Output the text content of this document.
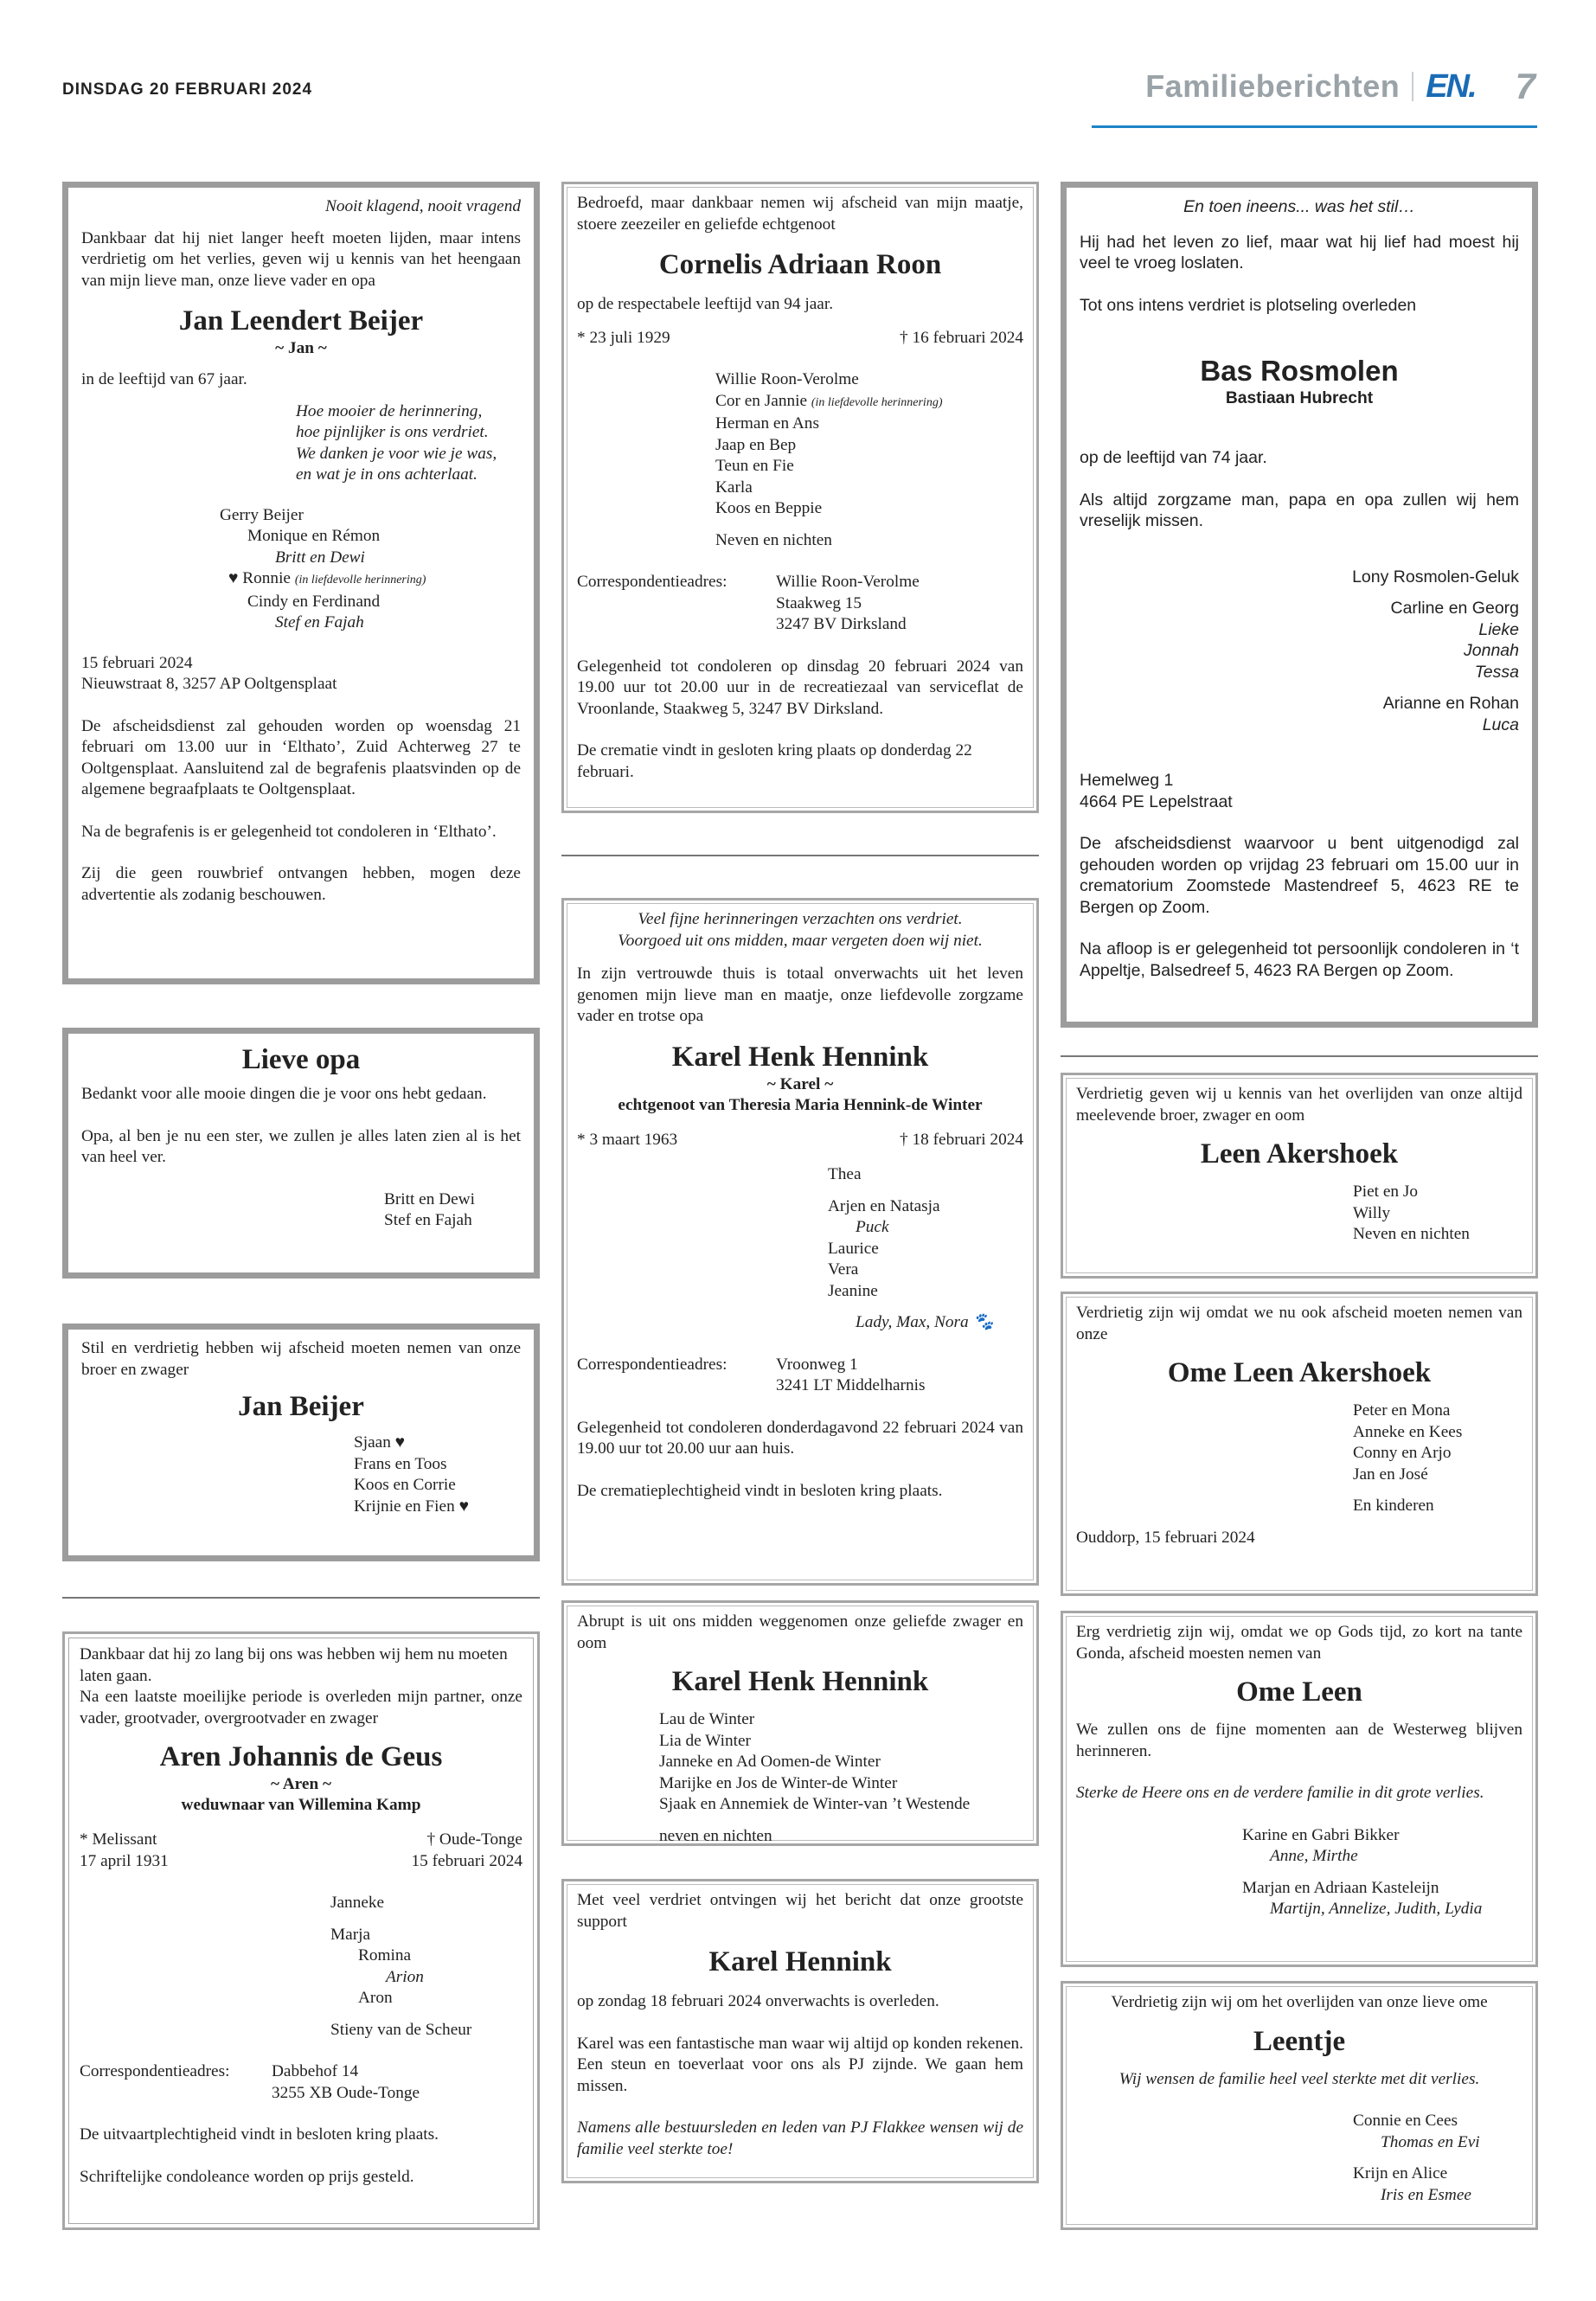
DINSDAG 20 FEBRUARI 2024	Familieberichten EN. 7
Nooit klagend, nooit vragend
Dankbaar dat hij niet langer heeft moeten lijden, maar intens verdrietig om het verlies, geven wij u kennis van het heengaan van mijn lieve man, onze lieve vader en opa
Jan Leendert Beijer
~ Jan ~
in de leeftijd van 67 jaar.
Hoe mooier de herinnering,
hoe pijnlijker is ons verdriet.
We danken je voor wie je was,
en wat je in ons achterlaat.
Gerry Beijer
Monique en Rémon
Britt en Dewi
♥ Ronnie (in liefdevolle herinnering)
Cindy en Ferdinand
Stef en Fajah
15 februari 2024
Nieuwstraat 8, 3257 AP Ooltgensplaat
De afscheidsdienst zal gehouden worden op woensdag 21 februari om 13.00 uur in ‘Elthato’, Zuid Achterweg 27 te Ooltgensplaat. Aansluitend zal de begrafenis plaatsvinden op de algemene begraafplaats te Ooltgensplaat.
Na de begrafenis is er gelegenheid tot condoleren in ‘Elthato’.
Zij die geen rouwbrief ontvangen hebben, mogen deze advertentie als zodanig beschouwen.
Lieve opa
Bedankt voor alle mooie dingen die je voor ons hebt gedaan.
Opa, al ben je nu een ster, we zullen je alles laten zien al is het van heel ver.
Britt en Dewi
Stef en Fajah
Stil en verdrietig hebben wij afscheid moeten nemen van onze broer en zwager
Jan Beijer
Sjaan ♥
Frans en Toos
Koos en Corrie
Krijnie en Fien ♥
Dankbaar dat hij zo lang bij ons was hebben wij hem nu moeten laten gaan.
Na een laatste moeilijke periode is overleden mijn partner, onze vader, grootvader, overgrootvader en zwager
Aren Johannis de Geus
~ Aren ~
weduwnaar van Willemina Kamp
* Melissant	† Oude-Tonge
17 april 1931	15 februari 2024
Janneke
Marja
Romina
Arion
Aron
Stieny van de Scheur
Correspondentieadres:	Dabbehof 14
3255 XB Oude-Tonge
De uitvaartplechtigheid vindt in besloten kring plaats.
Schriftelijke condoleance worden op prijs gesteld.
Bedroefd, maar dankbaar nemen wij afscheid van mijn maatje, stoere zeezeiler en geliefde echtgenoot
Cornelis Adriaan Roon
op de respectabele leeftijd van 94 jaar.
* 23 juli 1929	† 16 februari 2024
Willie Roon-Verolme
Cor en Jannie (in liefdevolle herinnering)
Herman en Ans
Jaap en Bep
Teun en Fie
Karla
Koos en Beppie
Neven en nichten
Correspondentieadres:	Willie Roon-Verolme
Staakweg 15
3247 BV Dirksland
Gelegenheid tot condoleren op dinsdag 20 februari 2024 van 19.00 uur tot 20.00 uur in de recreatiezaal van serviceflat de Vroonlande, Staakweg 5, 3247 BV Dirksland.
De crematie vindt in gesloten kring plaats op donderdag 22 februari.
Veel fijne herinneringen verzachten ons verdriet.
Voorgoed uit ons midden, maar vergeten doen wij niet.
In zijn vertrouwde thuis is totaal onverwachts uit het leven genomen mijn lieve man en maatje, onze liefdevolle zorgzame vader en trotse opa
Karel Henk Hennink
~ Karel ~
echtgenoot van Theresia Maria Hennink-de Winter
* 3 maart 1963	† 18 februari 2024
Thea
Arjen en Natasja
Puck
Laurice
Vera
Jeanine
Lady, Max, Nora 🐾
Correspondentieadres:	Vroonweg 1
3241 LT Middelharnis
Gelegenheid tot condoleren donderdagavond 22 februari 2024 van 19.00 uur tot 20.00 uur aan huis.
De crematieplechtigheid vindt in besloten kring plaats.
Abrupt is uit ons midden weggenomen onze geliefde zwager en oom
Karel Henk Hennink
Lau de Winter
Lia de Winter
Janneke en Ad Oomen-de Winter
Marijke en Jos de Winter-de Winter
Sjaak en Annemiek de Winter-van ’t Westende
neven en nichten
Met veel verdriet ontvingen wij het bericht dat onze grootste support
Karel Hennink
op zondag 18 februari 2024 onverwachts is overleden.
Karel was een fantastische man waar wij altijd op konden rekenen. Een steun en toeverlaat voor ons als PJ zijnde. We gaan hem missen.
Namens alle bestuursleden en leden van PJ Flakkee wensen wij de familie veel sterkte toe!
En toen ineens... was het stil…
Hij had het leven zo lief, maar wat hij lief had moest hij veel te vroeg loslaten.
Tot ons intens verdriet is plotseling overleden
Bas Rosmolen
Bastiaan Hubrecht
op de leeftijd van 74 jaar.
Als altijd zorgzame man, papa en opa zullen wij hem vreselijk missen.
Lony Rosmolen-Geluk
Carline en Georg
Lieke
Jonnah
Tessa
Arianne en Rohan
Luca
Hemelweg 1
4664 PE Lepelstraat
De afscheidsdienst waarvoor u bent uitgenodigd zal gehouden worden op vrijdag 23 februari om 15.00 uur in crematorium Zoomstede Mastendreef 5, 4623 RE te Bergen op Zoom.
Na afloop is er gelegenheid tot persoonlijk condoleren in ‘t Appeltje, Balsedreef 5, 4623 RA Bergen op Zoom.
Verdrietig geven wij u kennis van het overlijden van onze altijd meelevende broer, zwager en oom
Leen Akershoek
Piet en Jo
Willy
Neven en nichten
Verdrietig zijn wij omdat we nu ook afscheid moeten nemen van onze
Ome Leen Akershoek
Peter en Mona
Anneke en Kees
Conny en Arjo
Jan en José
En kinderen
Ouddorp, 15 februari 2024
Erg verdrietig zijn wij, omdat we op Gods tijd, zo kort na tante Gonda, afscheid moesten nemen van
Ome Leen
We zullen ons de fijne momenten aan de Westerweg blijven herinneren.
Sterke de Heere ons en de verdere familie in dit grote verlies.
Karine en Gabri Bikker
Anne, Mirthe
Marjan en Adriaan Kasteleijn
Martijn, Annelize, Judith, Lydia
Verdrietig zijn wij om het overlijden van onze lieve ome
Leentje
Wij wensen de familie heel veel sterkte met dit verlies.
Connie en Cees
Thomas en Evi
Krijn en Alice
Iris en Esmee
